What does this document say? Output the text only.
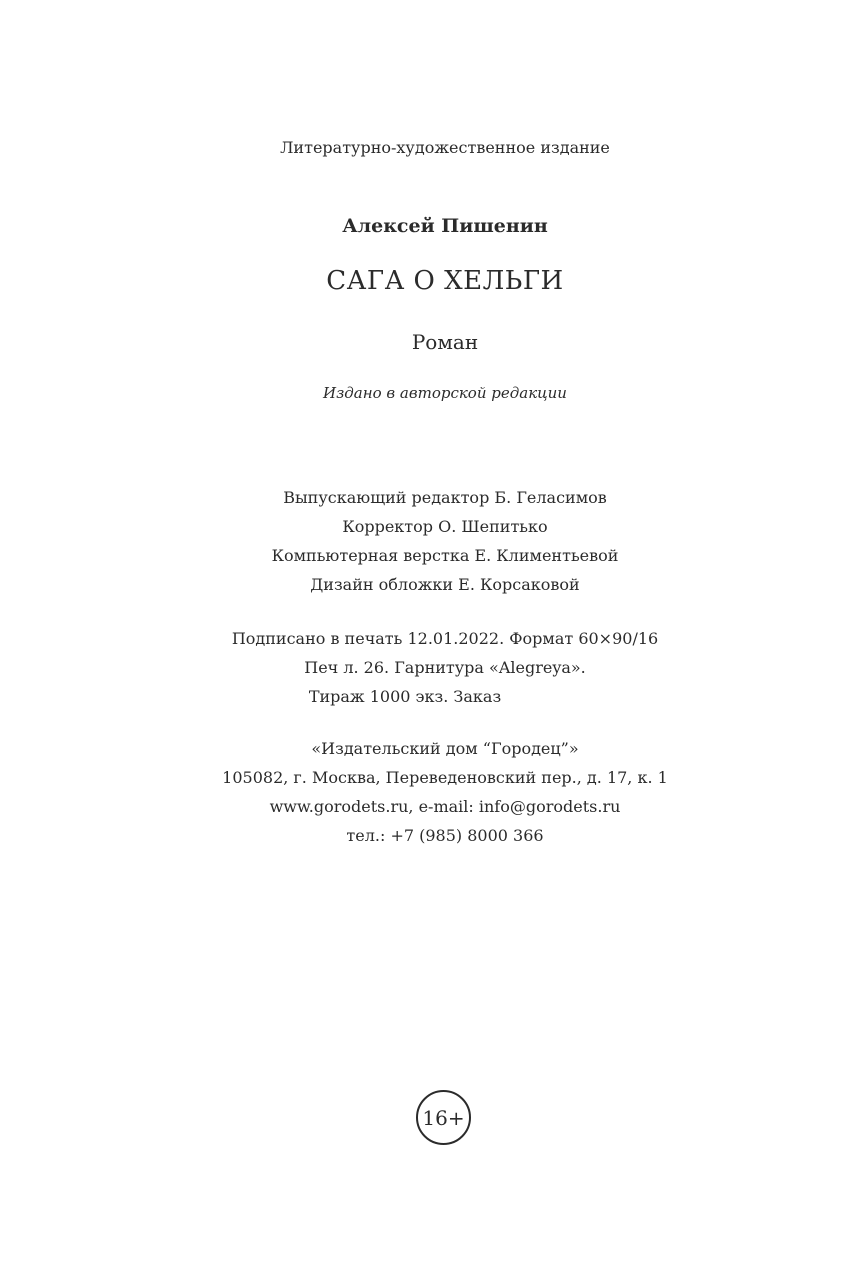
Литературно-художественное издание
Алексей Пишенин
САГА О ХЕЛЬГИ
Роман
Издано в авторской редакции
Выпускающий редактор Б. Геласимов
Корректор О. Шепитько
Компьютерная верстка Е. Климентьевой
Дизайн обложки Е. Корсаковой
Подписано в печать 12.01.2022. Формат 60×90/16
Печ л. 26. Гарнитура «Alegreya».
Тираж 1000 экз. Заказ
«Издательский дом “Городец”»
105082, г. Москва, Переведеновский пер., д. 17, к. 1
www.gorodets.ru, e-mail: info@gorodets.ru
тел.: +7 (985) 8000 366
16+
